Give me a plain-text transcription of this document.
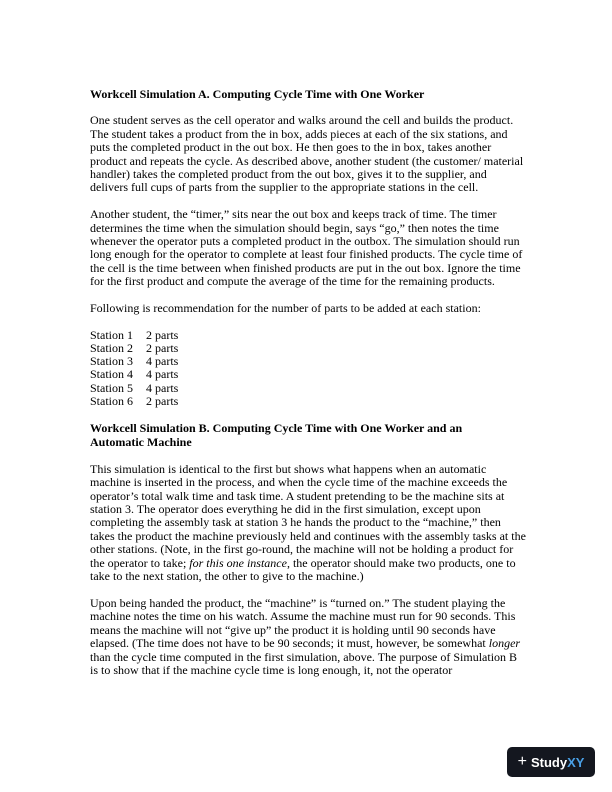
Workcell Simulation A. Computing Cycle Time with One Worker

One student serves as the cell operator and walks around the cell and builds the product. The student takes a product from the in box, adds pieces at each of the six stations, and puts the completed product in the out box. He then goes to the in box, takes another product and repeats the cycle. As described above, another student (the customer/ material handler) takes the completed product from the out box, gives it to the supplier, and delivers full cups of parts from the supplier to the appropriate stations in the cell.

Another student, the “timer,” sits near the out box and keeps track of time. The timer determines the time when the simulation should begin, says “go,” then notes the time whenever the operator puts a completed product in the outbox. The simulation should run long enough for the operator to complete at least four finished products. The cycle time of the cell is the time between when finished products are put in the out box. Ignore the time for the first product and compute the average of the time for the remaining products.

Following is recommendation for the number of parts to be added at each station:

Station 1	2 parts
Station 2	2 parts
Station 3	4 parts
Station 4	4 parts
Station 5	4 parts
Station 6	2 parts

Workcell Simulation B. Computing Cycle Time with One Worker and an
Automatic Machine

This simulation is identical to the first but shows what happens when an automatic machine is inserted in the process, and when the cycle time of the machine exceeds the operator’s total walk time and task time. A student pretending to be the machine sits at station 3. The operator does everything he did in the first simulation, except upon completing the assembly task at station 3 he hands the product to the “machine,” then takes the product the machine previously held and continues with the assembly tasks at the other stations. (Note, in the first go-round, the machine will not be holding a product for the operator to take; for this one instance, the operator should make two products, one to take to the next station, the other to give to the machine.)

Upon being handed the product, the “machine” is “turned on.” The student playing the machine notes the time on his watch. Assume the machine must run for 90 seconds. This means the machine will not “give up” the product it is holding until 90 seconds have elapsed. (The time does not have to be 90 seconds; it must, however, be somewhat longer than the cycle time computed in the first simulation, above. The purpose of Simulation B is to show that if the machine cycle time is long enough, it, not the operator

+ Study XY
